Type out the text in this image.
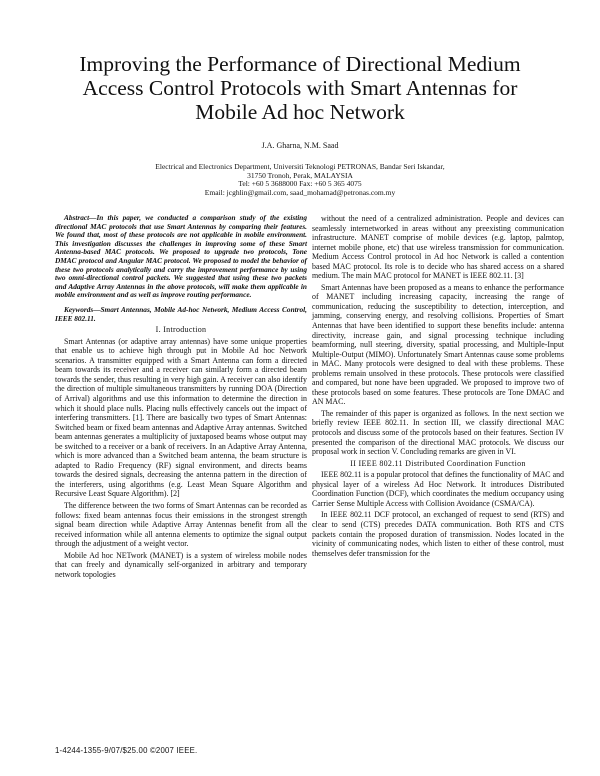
Improving the Performance of Directional Medium
Access Control Protocols with Smart Antennas for
Mobile Ad hoc Network
J.A. Gharna, N.M. Saad
Electrical and Electronics Department, Universiti Teknologi PETRONAS, Bandar Seri Iskandar,
31750 Tronoh, Perak, MALAYSIA
Tel: +60 5 3688000 Fax: +60 5 365 4075
Email: jcghlin@gmail.com, saad_mohamad@petronas.com.my

Abstract—In this paper, we conducted a comparison study of the existing directional MAC protocols that use Smart Antennas by comparing their features. We found that, most of these protocols are not applicable in mobile environment. This investigation discusses the challenges in improving some of these Smart Antenna-based MAC protocols. We proposed to upgrade two protocols, Tone DMAC protocol and Angular MAC protocol. We proposed to model the behavior of these two protocols analytically and carry the improvement performance by using two omni-directional control packets. We suggested that using these two packets and Adaptive Array Antennas in the above protocols, will make them applicable in mobile environment and as well as improve routing performance.

Keywords—Smart Antennas, Mobile Ad-hoc Network, Medium Access Control, IEEE 802.11.

I. Introduction

Smart Antennas (or adaptive array antennas) have some unique properties that enable us to achieve high through put in Mobile Ad hoc Network scenarios. A transmitter equipped with a Smart Antenna can form a directed beam towards its receiver and a receiver can similarly form a directed beam towards the sender, thus resulting in very high gain. A receiver can also identify the direction of multiple simultaneous transmitters by running DOA (Direction of Arrival) algorithms and use this information to determine the direction in which it should place nulls. Placing nulls effectively cancels out the impact of interfering transmitters. [1]. There are basically two types of Smart Antennas: Switched beam or fixed beam antennas and Adaptive Array antennas. Switched beam antennas generates a multiplicity of juxtaposed beams whose output may be switched to a receiver or a bank of receivers. In an Adaptive Array Antenna, which is more advanced than a Switched beam antenna, the beam structure is adapted to Radio Frequency (RF) signal environment, and directs beams towards the desired signals, decreasing the antenna pattern in the direction of the interferers, using algorithms (e.g. Least Mean Square Algorithm and Recursive Least Square Algorithm). [2]

The difference between the two forms of Smart Antennas can be recorded as follows: fixed beam antennas focus their emissions in the strongest strength signal beam direction while Adaptive Array Antennas benefit from all the received information while all antenna elements to optimize the signal output through the adjustment of a weight vector.

Mobile Ad hoc NETwork (MANET) is a system of wireless mobile nodes that can freely and dynamically self-organized in arbitrary and temporary network topologies

without the need of a centralized administration. People and devices can seamlessly internetworked in areas without any preexisting communication infrastructure. MANET comprise of mobile devices (e.g. laptop, palmtop, internet mobile phone, etc) that use wireless transmission for communication. Medium Access Control protocol in Ad hoc Network is called a contention based MAC protocol. Its role is to decide who has shared access on a shared medium. The main MAC protocol for MANET is IEEE 802.11. [3]

Smart Antennas have been proposed as a means to enhance the performance of MANET including increasing capacity, increasing the range of communication, reducing the susceptibility to detection, interception, and jamming, conserving energy, and resolving collisions. Properties of Smart Antennas that have been identified to support these benefits include: antenna directivity, increase gain, and signal processing technique including beamforming, null steering, diversity, spatial processing, and Multiple-Input Multiple-Output (MIMO). Unfortunately Smart Antennas cause some problems in MAC. Many protocols were designed to deal with these problems. These problems remain unsolved in these protocols. These protocols were classified and compared, but none have been upgraded. We proposed to improve two of these protocols based on some features. These protocols are Tone DMAC and AN MAC.

The remainder of this paper is organized as follows. In the next section we briefly review IEEE 802.11. In section III, we classify directional MAC protocols and discuss some of the protocols based on their features. Section IV presented the comparison of the directional MAC protocols. We discuss our proposal work in section V. Concluding remarks are given in VI.

II IEEE 802.11 Distributed Coordination Function

IEEE 802.11 is a popular protocol that defines the functionality of MAC and physical layer of a wireless Ad Hoc Network. It introduces Distributed Coordination Function (DCF), which coordinates the medium occupancy using Carrier Sense Multiple Access with Collision Avoidance (CSMA/CA).

In IEEE 802.11 DCF protocol, an exchanged of request to send (RTS) and clear to send (CTS) precedes DATA communication. Both RTS and CTS packets contain the proposed duration of transmission. Nodes located in the vicinity of communicating nodes, which listen to either of these control, must themselves defer transmission for the

1-4244-1355-9/07/$25.00 ©2007 IEEE.
